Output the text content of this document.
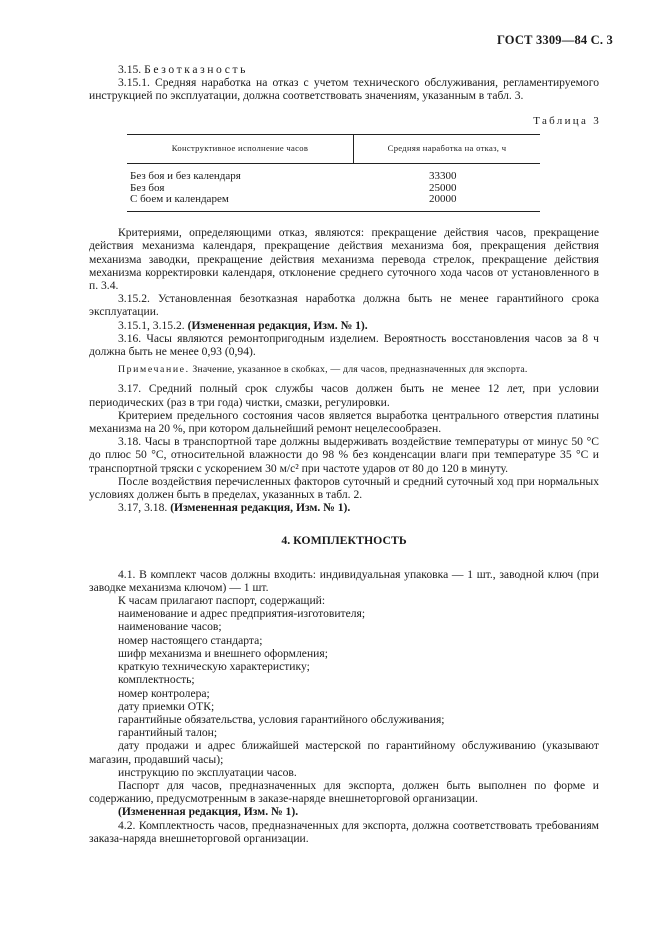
ГОСТ 3309—84 С. 3

3.15. Безотказность

3.15.1. Средняя наработка на отказ с учетом технического обслуживания, регламентируемого инструкцией по эксплуатации, должна соответствовать значениям, указанным в табл. 3.

Таблица 3
Конструктивное исполнение часов	Средняя наработка на отказ, ч
Без боя и без календаря	33300
Без боя	25000
С боем и календарем	20000

Критериями, определяющими отказ, являются: прекращение действия часов, прекращение действия механизма календаря, прекращение действия механизма боя, прекращения действия механизма заводки, прекращение действия механизма перевода стрелок, прекращение действия механизма корректировки календаря, отклонение среднего суточного хода часов от установленного в п. 3.4.

3.15.2. Установленная безотказная наработка должна быть не менее гарантийного срока эксплуатации.

3.15.1, 3.15.2. (Измененная редакция, Изм. № 1).

3.16. Часы являются ремонтопригодным изделием. Вероятность восстановления часов за 8 ч должна быть не менее 0,93 (0,94).

Примечание. Значение, указанное в скобках, — для часов, предназначенных для экспорта.

3.17. Средний полный срок службы часов должен быть не менее 12 лет, при условии периодических (раз в три года) чистки, смазки, регулировки.

Критерием предельного состояния часов является выработка центрального отверстия платины механизма на 20 %, при котором дальнейший ремонт нецелесообразен.

3.18. Часы в транспортной таре должны выдерживать воздействие температуры от минус 50 °С до плюс 50 °С, относительной влажности до 98 % без конденсации влаги при температуре 35 °С и транспортной тряски с ускорением 30 м/с² при частоте ударов от 80 до 120 в минуту.

После воздействия перечисленных факторов суточный и средний суточный ход при нормальных условиях должен быть в пределах, указанных в табл. 2.

3.17, 3.18. (Измененная редакция, Изм. № 1).

4. КОМПЛЕКТНОСТЬ

4.1. В комплект часов должны входить: индивидуальная упаковка — 1 шт., заводной ключ (при заводке механизма ключом) — 1 шт.

К часам прилагают паспорт, содержащий:

наименование и адрес предприятия-изготовителя;

наименование часов;

номер настоящего стандарта;

шифр механизма и внешнего оформления;

краткую техническую характеристику;

комплектность;

номер контролера;

дату приемки ОТК;

гарантийные обязательства, условия гарантийного обслуживания;

гарантийный талон;

дату продажи и адрес ближайшей мастерской по гарантийному обслуживанию (указывают магазин, продавший часы);

инструкцию по эксплуатации часов.

Паспорт для часов, предназначенных для экспорта, должен быть выполнен по форме и содержанию, предусмотренным в заказе-наряде внешнеторговой организации.

(Измененная редакция, Изм. № 1).

4.2. Комплектность часов, предназначенных для экспорта, должна соответствовать требованиям заказа-наряда внешнеторговой организации.
